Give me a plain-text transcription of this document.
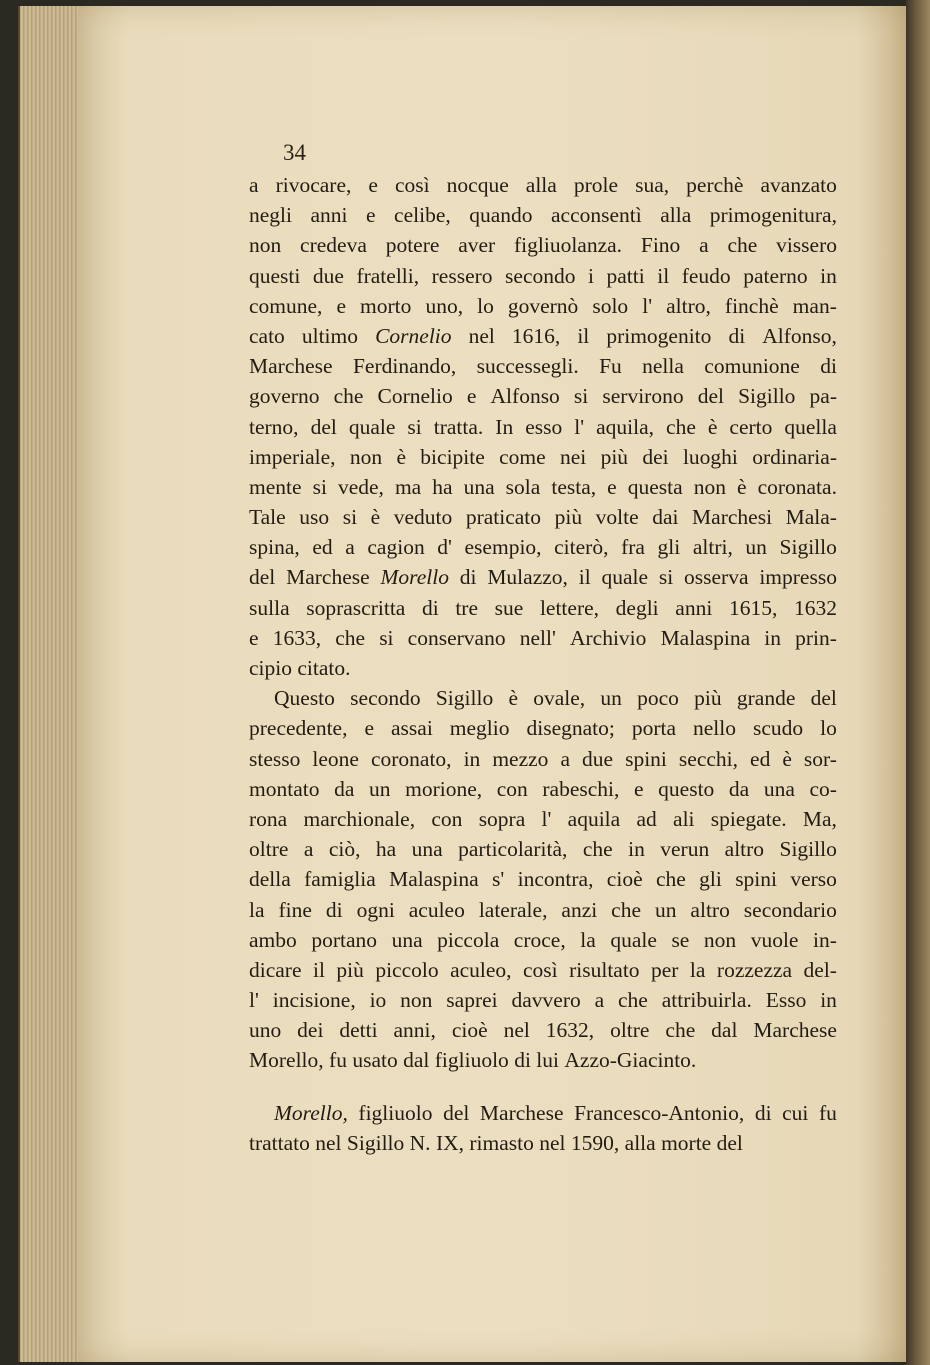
34

a rivocare, e così nocque alla prole sua, perchè avanzato
negli anni e celibe, quando acconsentì alla primogenitura,
non credeva potere aver figliuolanza. Fino a che vissero
questi due fratelli, ressero secondo i patti il feudo paterno in
comune, e morto uno, lo governò solo l' altro, finchè man-
cato ultimo Cornelio nel 1616, il primogenito di Alfonso,
Marchese Ferdinando, successegli. Fu nella comunione di
governo che Cornelio e Alfonso si servirono del Sigillo pa-
terno, del quale si tratta. In esso l' aquila, che è certo quella
imperiale, non è bicipite come nei più dei luoghi ordinaria-
mente si vede, ma ha una sola testa, e questa non è coronata.
Tale uso si è veduto praticato più volte dai Marchesi Mala-
spina, ed a cagion d' esempio, citerò, fra gli altri, un Sigillo
del Marchese Morello di Mulazzo, il quale si osserva impresso
sulla soprascritta di tre sue lettere, degli anni 1615, 1632
e 1633, che si conservano nell' Archivio Malaspina in prin-
cipio citato.
Questo secondo Sigillo è ovale, un poco più grande del
precedente, e assai meglio disegnato; porta nello scudo lo
stesso leone coronato, in mezzo a due spini secchi, ed è sor-
montato da un morione, con rabeschi, e questo da una co-
rona marchionale, con sopra l' aquila ad ali spiegate. Ma,
oltre a ciò, ha una particolarità, che in verun altro Sigillo
della famiglia Malaspina s' incontra, cioè che gli spini verso
la fine di ogni aculeo laterale, anzi che un altro secondario
ambo portano una piccola croce, la quale se non vuole in-
dicare il più piccolo aculeo, così risultato per la rozzezza del-
l' incisione, io non saprei davvero a che attribuirla. Esso in
uno dei detti anni, cioè nel 1632, oltre che dal Marchese
Morello, fu usato dal figliuolo di lui Azzo-Giacinto.
Morello, figliuolo del Marchese Francesco-Antonio, di cui fu
trattato nel Sigillo N. IX, rimasto nel 1590, alla morte del
